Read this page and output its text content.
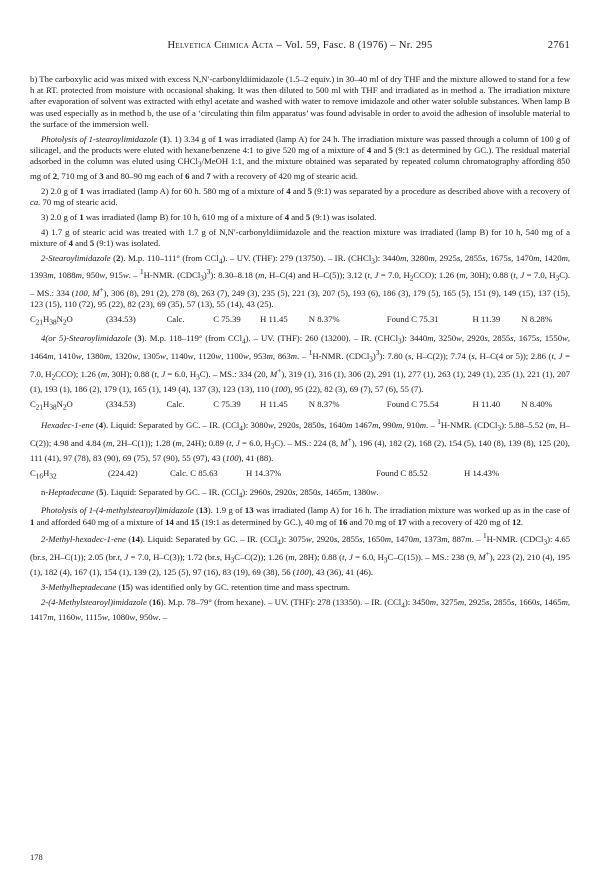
Helvetica Chimica Acta – Vol. 59, Fasc. 8 (1976) – Nr. 295	2761

b) The carboxylic acid was mixed with excess N,N′-carbonyldiimidazole (1.5–2 equiv.) in 30–40 ml of dry THF and the mixture allowed to stand for a few h at RT. protected from moisture with occasional shaking. It was then diluted to 500 ml with THF and irradiated as in method a. The irradiation mixture after evaporation of solvent was extracted with ethyl acetate and washed with water to remove imidazole and other water soluble substances. When lamp B was used especially as in method b, the use of a ‘circulating thin film apparatus’ was found advisable in order to avoid the adhesion of insoluble material to the surface of the immersion well.

Photolysis of 1-stearoylimidazole (1). 1) 3.34 g of 1 was irradiated (lamp A) for 24 h. The irradiation mixture was passed through a column of 100 g of silicagel, and the products were eluted with hexane/benzene 4:1 to give 520 mg of a mixture of 4 and 5 (9:1 as determined by GC.). The residual material adsorbed in the column was eluted using CHCl$_3$/MeOH 1:1, and the mixture obtained was separated by repeated column chromatography affording 850 mg of 2, 710 mg of 3 and 80–90 mg each of 6 and 7 with a recovery of 420 mg of stearic acid.

2) 2.0 g of 1 was irradiated (lamp A) for 60 h. 580 mg of a mixture of 4 and 5 (9:1) was separated by a procedure as described above with a recovery of ca. 70 mg of stearic acid.

3) 2.0 g of 1 was irradiated (lamp B) for 10 h, 610 mg of a mixture of 4 and 5 (9:1) was isolated.

4) 1.7 g of stearic acid was treated with 1.7 g of N,N′-carbonyldiimidazole and the reaction mixture was irradiated (lamp B) for 10 h, 540 mg of a mixture of 4 and 5 (9:1) was isolated.

2-Stearoylimidazole (2). M.p. 110–111° (from CCl$_4$). – UV. (THF): 279 (13750). – IR. (CHCl$_3$): 3440m, 3280m, 2925s, 2855s, 1675s, 1470m, 1420m, 1393m, 1088m, 950w, 915w. – $^1$H-NMR. (CDCl$_3$)$^3$): 8.30–8.18 (m, H–C(4) and H–C(5)); 3.12 (t, J = 7.0, $H_2CCO$); 1.26 (m, 30H); 0.88 (t, J = 7.0, $H_3C$). – MS.: 334 (100, M+), 306 (8), 291 (2), 278 (8), 263 (7), 249 (3), 235 (5), 221 (3), 207 (5), 193 (6), 186 (3), 179 (5), 165 (5), 151 (9), 149 (15), 137 (15), 123 (15), 110 (72), 95 (22), 82 (23), 69 (35), 57 (13), 55 (14), 43 (25).

$C_{21}H_{38}N_2O$	(334.53)	Calc.	C 75.39	H 11.45	N 8.37%	Found C 75.31	H 11.39	N 8.28%

4(or 5)-Stearoylimidazole (3). M.p. 118–119° (from CCl$_4$). – UV. (THF): 260 (13200). – IR. (CHCl$_3$): 3440m, 3250w, 2920s, 2855s, 1675s, 1550w, 1464m, 1410w, 1380m, 1320w, 1305w, 1140w, 1120w, 1100w, 953m, 863m. – $^1$H-NMR. (CDCl$_3$)$^3$): 7.80 (s, H–C(2)); 7.74 (s, H–C(4 or 5)); 2.86 (t, J = 7.0, $H_2CCO$); 1.26 (m, 30H); 0.88 (t, J = 6.0, $H_3C$). – MS.: 334 (20, M+), 319 (1), 316 (1), 306 (2), 291 (1), 277 (1), 263 (1), 249 (1), 235 (1), 221 (1), 207 (1), 193 (1), 186 (2), 179 (1), 165 (1), 149 (4), 137 (3), 123 (13), 110 (100), 95 (22), 82 (3), 69 (7), 57 (6), 55 (7).

$C_{21}H_{38}N_2O$	(334.53)	Calc.	C 75.39	H 11.45	N 8.37%	Found C 75.54	H 11.40	N 8.40%

Hexadec-1-ene (4). Liquid: Separated by GC. – IR. (CCl$_4$): 3080w, 2920s, 2850s, 1640m 1467m, 990m, 910m. – $^1$H-NMR. (CDCl$_3$): 5.88–5.52 (m, H–C(2)); 4.98 and 4.84 (m, 2H–C(1)); 1.28 (m, 24H); 0.89 (t, J = 6.0, $H_3C$). – MS.: 224 (8, M+), 196 (4), 182 (2), 168 (2), 154 (5), 140 (8), 139 (8), 125 (20), 111 (41), 97 (78), 83 (90), 69 (75), 57 (90), 55 (97), 43 (100), 41 (88).

$C_{16}H_{32}$	(224.42)	Calc. C 85.63	H 14.37%	Found C 85.52	H 14.43%

n-Heptadecane (5). Liquid: Separated by GC. – IR. (CCl$_4$): 2960s, 2920s, 2850s, 1465m, 1380w.

Photolysis of 1-(4-methylstearoyl)imidazole (13). 1.9 g of 13 was irradiated (lamp A) for 16 h. The irradiation mixture was worked up as in the case of 1 and afforded 640 mg of a mixture of 14 and 15 (19:1 as determined by GC.), 40 mg of 16 and 70 mg of 17 with a recovery of 420 mg of 12.

2-Methyl-hexadec-1-ene (14). Liquid: Separated by GC. – IR. (CCl$_4$): 3075w, 2920s, 2855s, 1650m, 1470m, 1373m, 887m. – $^1$H-NMR. (CDCl$_3$): 4.65 (br.s, 2H–C(1)); 2.05 (br.t, J = 7.0, H–C(3)); 1.72 (br.s, $H_3C-C(2)$); 1.26 (m, 28H); 0.88 (t, J = 6.0, $H_3C-C(15)$). – MS.: 238 (9, M+), 223 (2), 210 (4), 195 (1), 182 (4), 167 (1), 154 (1), 139 (2), 125 (5), 97 (16), 83 (19), 69 (38), 56 (100), 43 (36), 41 (46).

3-Methylheptadecane (15) was identified only by GC. retention time and mass spectrum.

2-(4-Methylstearoyl)imidazole (16). M.p. 78–79° (from hexane). – UV. (THF): 278 (13350). – IR. (CCl$_4$): 3450m, 3275m, 2925s, 2855s, 1660s, 1465m, 1417m, 1160w, 1115w, 1080w, 950w. –

178
